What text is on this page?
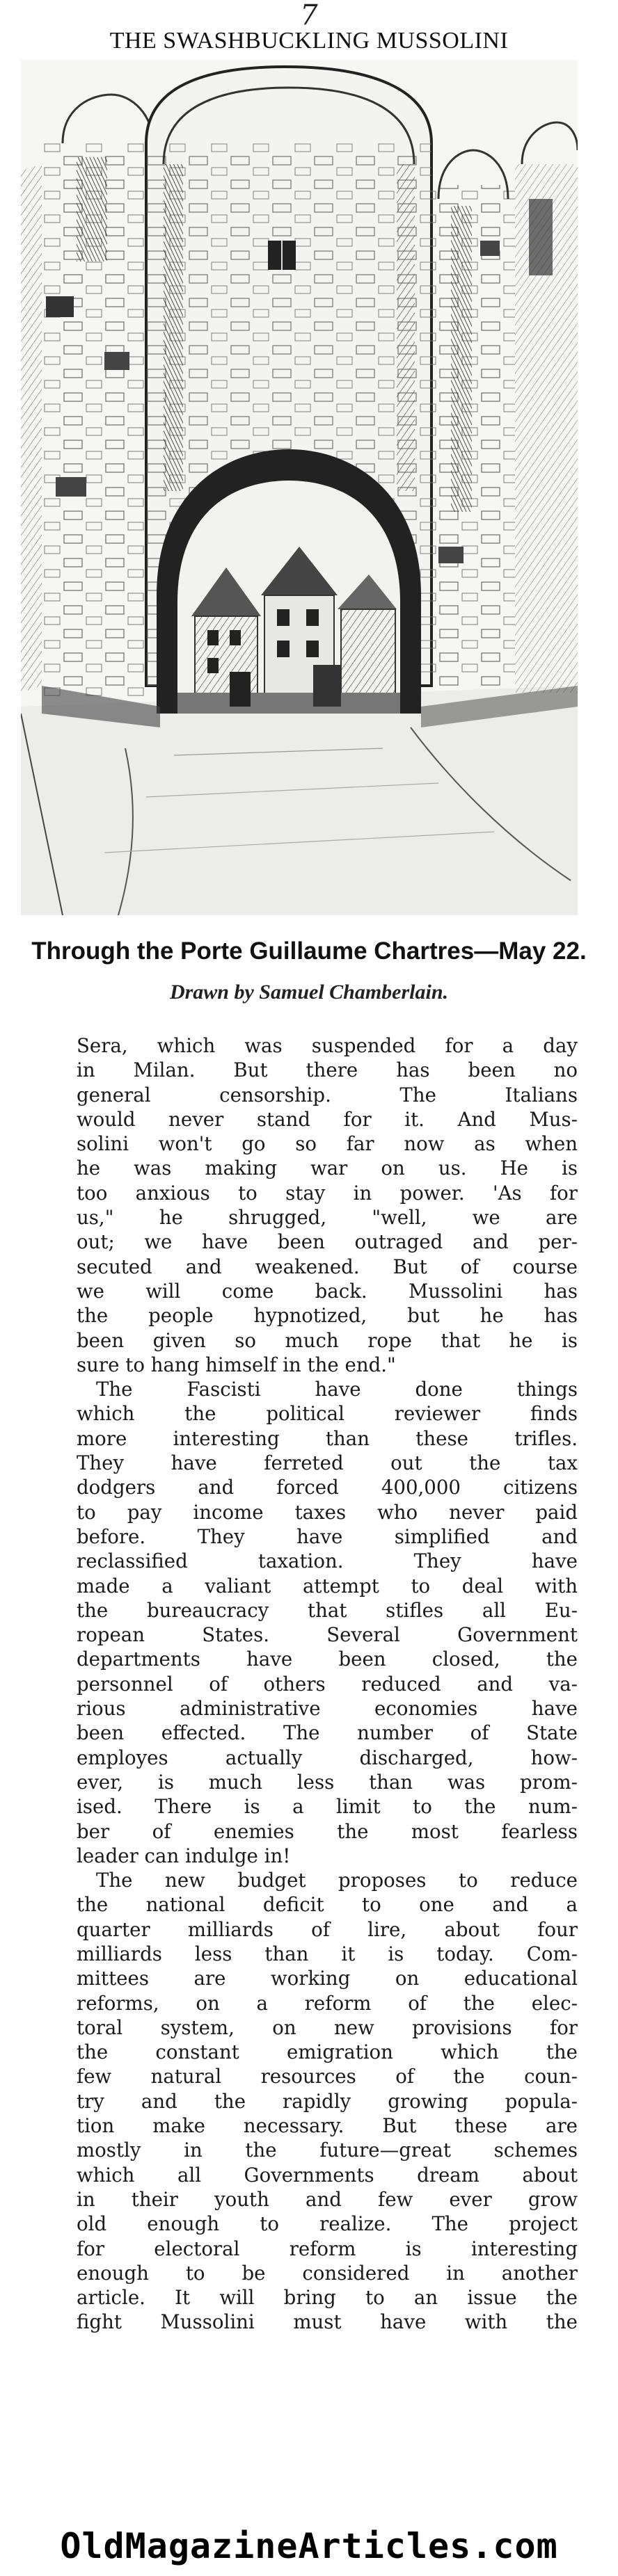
7
THE SWASHBUCKLING MUSSOLINI
Through the Porte Guillaume Chartres—May 22.
Drawn by Samuel Chamberlain.

Sera, which was suspended for a day

in Milan. But there has been no

general censorship. The Italians

would never stand for it. And Mus-

solini won't go so far now as when

he was making war on us. He is

too anxious to stay in power. 'As for

us," he shrugged, "well, we are

out; we have been outraged and per-

secuted and weakened. But of course

we will come back. Mussolini has

the people hypnotized, but he has

been given so much rope that he is

sure to hang himself in the end."

The Fascisti have done things

which the political reviewer finds

more interesting than these trifles.

They have ferreted out the tax

dodgers and forced 400,000 citizens

to pay income taxes who never paid

before. They have simplified and

reclassified taxation. They have

made a valiant attempt to deal with

the bureaucracy that stifles all Eu-

ropean States. Several Government

departments have been closed, the

personnel of others reduced and va-

rious administrative economies have

been effected. The number of State

employes actually discharged, how-

ever, is much less than was prom-

ised. There is a limit to the num-

ber of enemies the most fearless

leader can indulge in!

The new budget proposes to reduce

the national deficit to one and a

quarter milliards of lire, about four

milliards less than it is today. Com-

mittees are working on educational

reforms, on a reform of the elec-

toral system, on new provisions for

the constant emigration which the

few natural resources of the coun-

try and the rapidly growing popula-

tion make necessary. But these are

mostly in the future—great schemes

which all Governments dream about

in their youth and few ever grow

old enough to realize. The project

for electoral reform is interesting

enough to be considered in another

article. It will bring to an issue the

fight Mussolini must have with the

OldMagazineArticles.com
